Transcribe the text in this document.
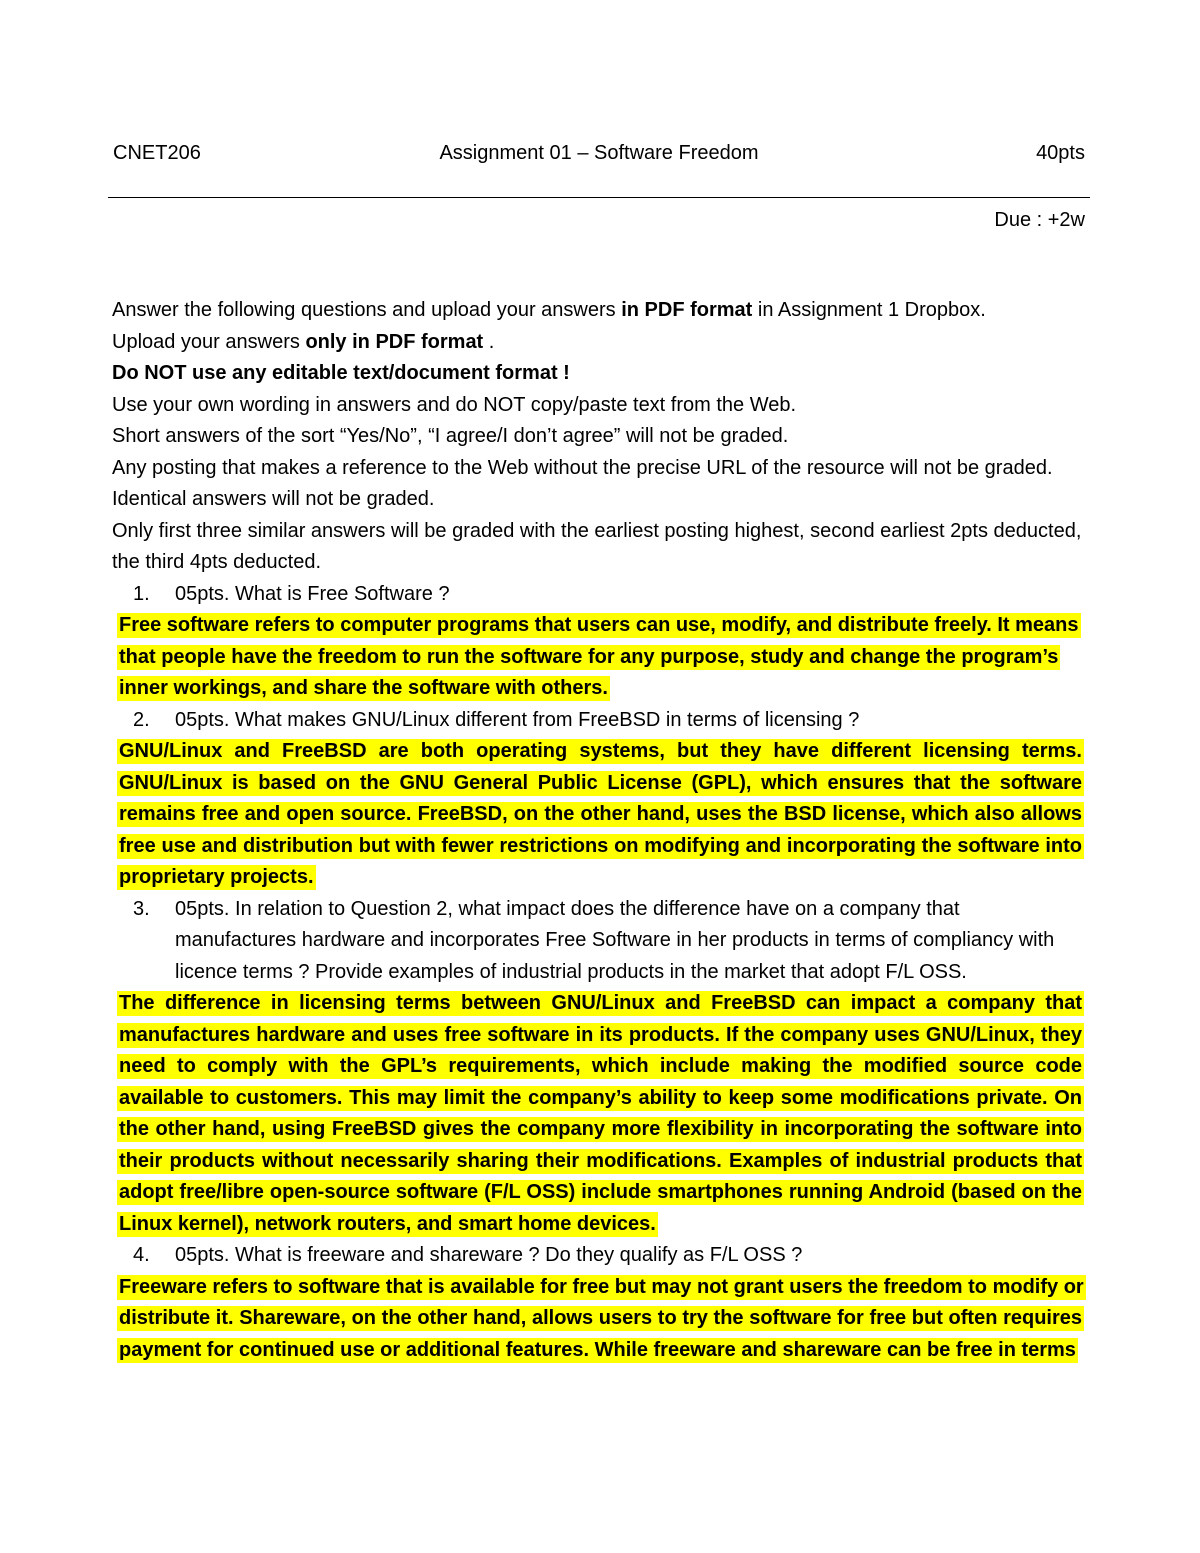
CNET206	Assignment 01 – Software Freedom	40pts
Due : +2w

Answer the following questions and upload your answers in PDF format in Assignment 1 Dropbox.

Upload your answers only in PDF format .

Do NOT use any editable text/document format !

Use your own wording in answers and do NOT copy/paste text from the Web.

Short answers of the sort “Yes/No”, “I agree/I don’t agree” will not be graded.

Any posting that makes a reference to the Web without the precise URL of the resource will not be graded.

Identical answers will not be graded.

Only first three similar answers will be graded with the earliest posting highest, second earliest 2pts deducted, the third 4pts deducted.

1. 05pts. What is Free Software ?

Free software refers to computer programs that users can use, modify, and distribute freely. It means that people have the freedom to run the software for any purpose, study and change the program’s inner workings, and share the software with others.

2. 05pts. What makes GNU/Linux different from FreeBSD in terms of licensing ?

GNU/Linux and FreeBSD are both operating systems, but they have different licensing terms. GNU/Linux is based on the GNU General Public License (GPL), which ensures that the software remains free and open source. FreeBSD, on the other hand, uses the BSD license, which also allows free use and distribution but with fewer restrictions on modifying and incorporating the software into proprietary projects.

3. 05pts. In relation to Question 2, what impact does the difference have on a company that manufactures hardware and incorporates Free Software in her products in terms of compliancy with licence terms ? Provide examples of industrial products in the market that adopt F/L OSS.

The difference in licensing terms between GNU/Linux and FreeBSD can impact a company that manufactures hardware and uses free software in its products. If the company uses GNU/Linux, they need to comply with the GPL’s requirements, which include making the modified source code available to customers. This may limit the company’s ability to keep some modifications private. On the other hand, using FreeBSD gives the company more flexibility in incorporating the software into their products without necessarily sharing their modifications. Examples of industrial products that adopt free/libre open-source software (F/L OSS) include smartphones running Android (based on the Linux kernel), network routers, and smart home devices.

4. 05pts. What is freeware and shareware ? Do they qualify as F/L OSS ?

Freeware refers to software that is available for free but may not grant users the freedom to modify or distribute it. Shareware, on the other hand, allows users to try the software for free but often requires payment for continued use or additional features. While freeware and shareware can be free in terms
